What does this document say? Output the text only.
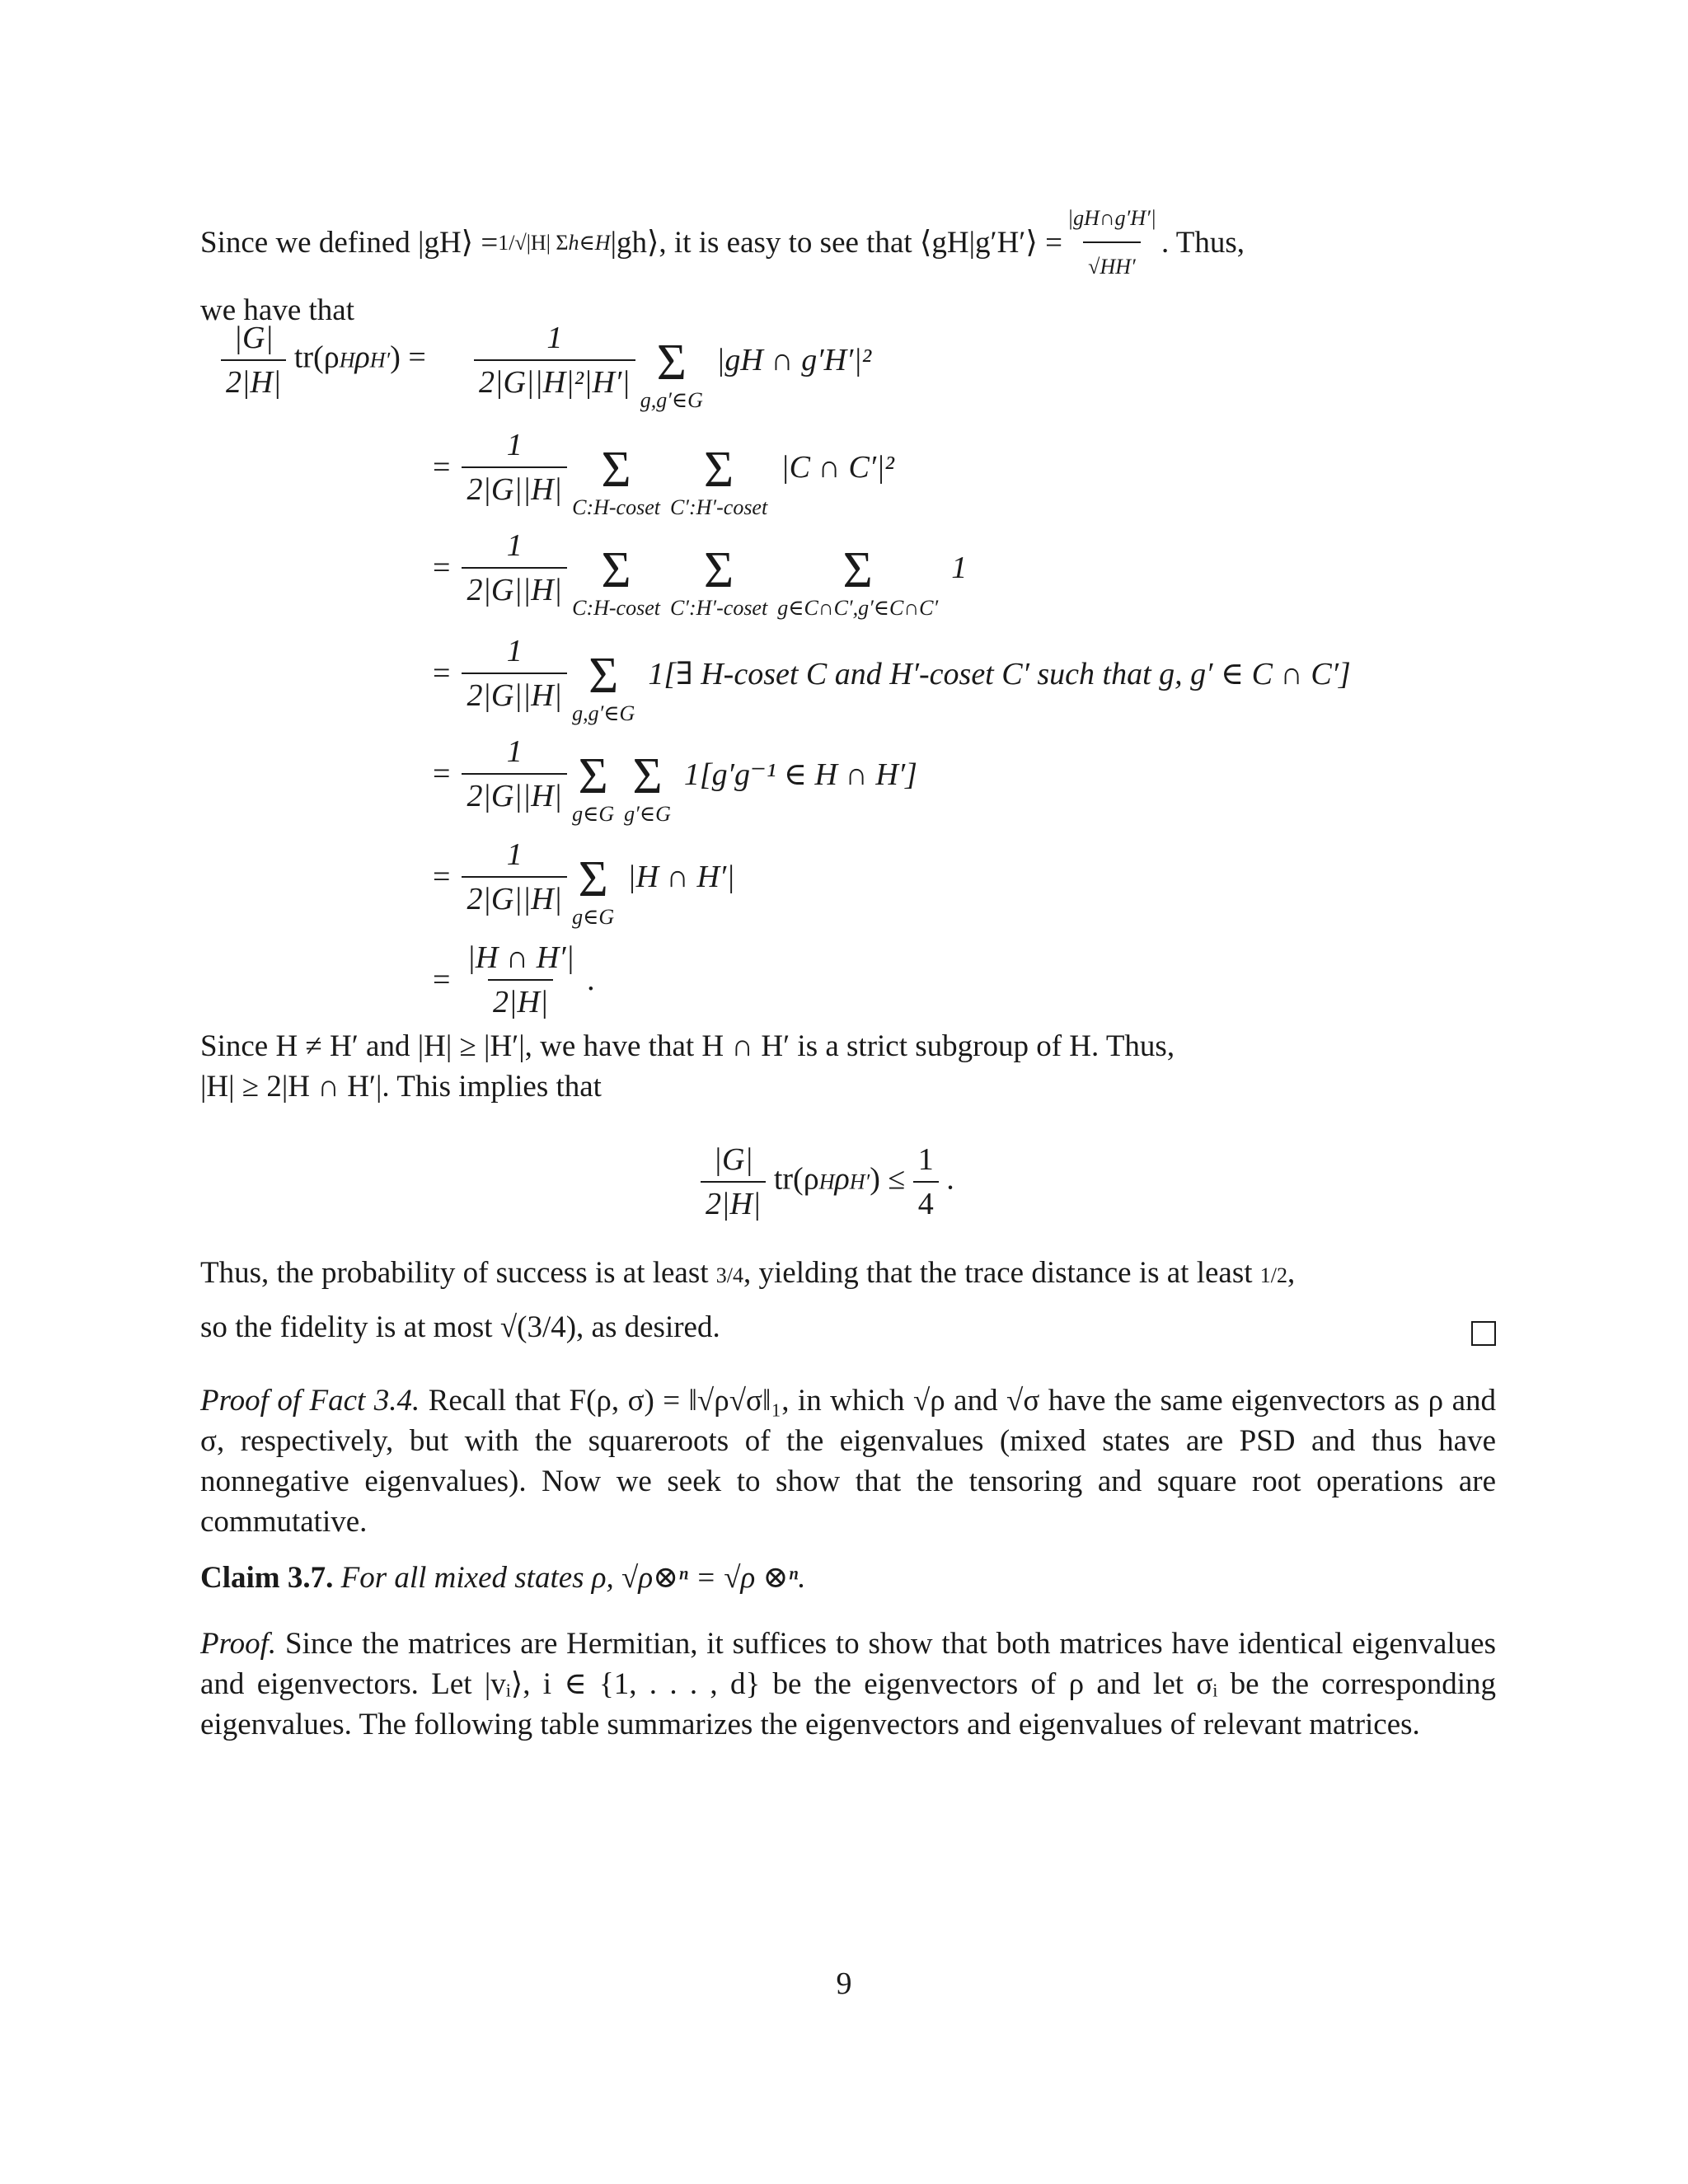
Since we defined |gH⟩ = 1/√|H| Σ h∈H |gh⟩, it is easy to see that ⟨gH|g′H′⟩ = $\frac{|gH\cap g'H'|}{√HH'}$ . Thus,
we have that
$\frac{|G|}{2|H|} tr(\rho H\rho H') = \frac{1}{\text{2|G||H|²|H′|}}$ Σ
g,g′∈G
|gH ∩ g′H′|²
= $\frac{1}{2|G||H|}$ Σ
C:H-coset
Σ
C′:H′-coset
|C ∩ C′|²
= $\frac{1}{2|G||H|}$ Σ
C:H-coset
Σ
C′:H′-coset
Σ
g∈C∩C′,g′∈C∩C′
1
= $\frac{1}{2|G||H|}$ Σ
g,g′∈G
1[∃ H-coset C and H′-coset C′ such that g, g′ ∈ C ∩ C′]
= $\frac{1}{2|G||H|}$ Σ
g∈G
Σ
g′∈G
1[g′g⁻¹ ∈ H ∩ H′]
= $\frac{1}{2|G||H|}$ Σ
g∈G
|H ∩ H′|
= $\frac{|H \cap H'|}{2|H|}$ .
Since H ≠ H′ and |H| ≥ |H′|, we have that H ∩ H′ is a strict subgroup of H. Thus,
|H| ≥ 2|H ∩ H′|. This implies that
$\frac{|G|}{2|H|} tr(\rho H\rho H') \le \frac{1}{4}$ .
Thus, the probability of success is at least 3/4, yielding that the trace distance is at least 1/2,
so the fidelity is at most √(3/4), as desired.
Proof of Fact 3.4. Recall that F(ρ, σ) = ‖√ρ√σ‖₁, in which √ρ and √σ have the same eigenvectors as ρ and σ, respectively, but with the squareroots of the eigenvalues (mixed states are PSD and thus have nonnegative eigenvalues). Now we seek to show that the tensoring and square root operations are commutative.
Claim 3.7. For all mixed states ρ, √ρ⊗ⁿ = √ρ ⊗ⁿ.
Proof. Since the matrices are Hermitian, it suffices to show that both matrices have identical eigenvalues and eigenvectors. Let |vᵢ⟩, i ∈ {1, . . . , d} be the eigenvectors of ρ and let σᵢ be the corresponding eigenvalues. The following table summarizes the eigenvectors and eigenvalues of relevant matrices.
9
